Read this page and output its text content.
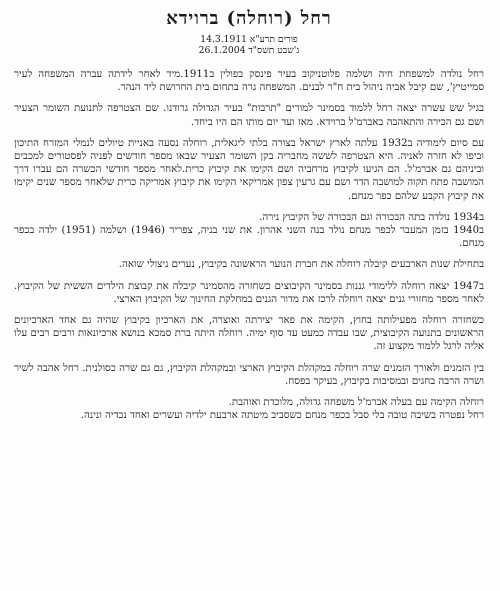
רחל (רוחלה) ברוידא
פורים תרע"א 14.3.1911
ג'שבט תשס"ד 26.1.2004

רחל נולדה למשפחת חיה ושלמה פלוטניקוב בעיר פינסק בפולין ב1911.מיד לאחר לידתה עברה המשפחה לעיר סמייטיץ', שם קיבל אביה ניהול בית ח"ר לבנים. המשפחה גרה בתחום בית החרושת ליד הנהר.

בגיל שש עשרה יצאה רחל ללמוד בסמינר למורים "תרבות" בעיר הגדולה גרודנו. שם הצטרפה לתנועת השומר הצעיר ושם גם הכירה והתאהבה באברמ'ל ברוידא. מאז ועד יום מותו הם היו ביחד.

עם סיום לימודיה ב1932 עלתה לארץ ישראל בצורה בלתי ליגאלית, רוחלה נסעה באניית טיולים לנמלי המזרח התיכון וביפו לא חזרה לאניה. היא הצטרפה לששה מחבריה בקן השומר הצעיר שבאו מספר חודשים לפניה לפסטורים למכבים וביניהם גם אברמ'ל. הם הגיעו לקיבוץ מרחביה ושם הקימו את קיבוץ כרית.לאחר מספר חודשי הכשרה הם עברו דרך המושבה פתח תקוה למושבה הדר ושם עם גרעין צפון אמריקאי הקימו את קיבוץ אמריקה כרית שלאחר מספר שנים יקימו את קיבוץ הקבע שלהם כפר מנחם.

ב1934 נולדה בתה הבכורה וגם הבכורה של הקיבוץ נירה.

ב1940 בזמן המעבר לכפר מנחם נולד בנה השני אהרון. את שני בניה, צפריר (1946) ושלמה (1951) ילדה בכפר מנחם.

בתחילת שנות הארבעים קיבלה רוחלה את חברת הנוער הראשונה בקיבוץ, נערים ניצולי שואה.

ב1947 יצאה רוחלה ללימודי גננות בסמינר הקיבוצים כשחזרה מהסמינר קיבלה את קבוצת הילדים הששית של הקיבוץ. לאחר מספר מחזורי גנים יצאה רוחלה לרכז את מדור הגנים במחלקת החינוך של הקיבוץ הארצי.

כשחזרה רוחלה מפעילותה בחוץ, הקימה את פאר יצירתה ואוצרה, את הארכיון בקיבוץ שהיה גם אחד הארכיונים הראשונים בתנועה הקיבוצית, שבו עבדה כמעט עד סוף ימיה. רוחלה היתה ברת סמכא בנושא ארכיונאות ורבים רבים עלו אליה לרגל ללמוד מקצוע זה.

בין הזמנים ולאורך הזמנים שרה רוחלה במקהלת הקיבוץ הארצי ובמקהלת הקיבוץ, גם גם שרה כסולנית. רחל אהבה לשיר ושרה הרבה בחגים ובמסיבות בקיבוץ, בעיקר בפסח.

רוחלה הקימה עם בעלה אברמ'ל משפחה גדולה, מלוכדת ואוהבת.

רחל נפטרה בשיבה טובה בלי סבל בכפר מנחם כשסביב מיטתה ארבעת ילדיה ועשרים ואחד נכדיה ונינה.
